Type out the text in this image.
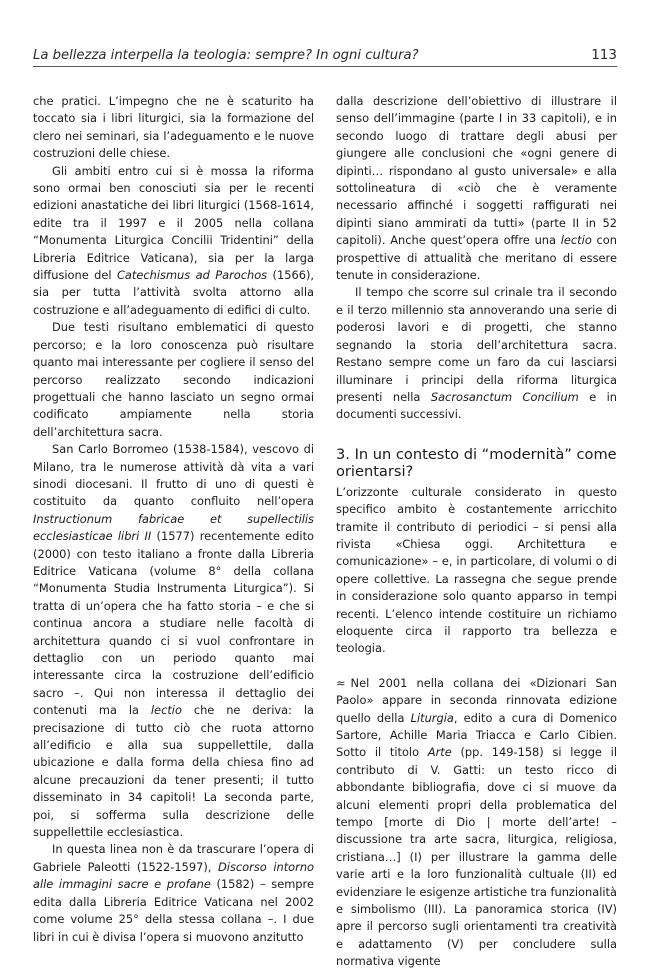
La bellezza interpella la teologia: sempre? In ogni cultura?	113

che pratici. L’impegno che ne è scaturito ha toccato sia i libri liturgici, sia la formazione del clero nei seminari, sia l’adeguamento e le nuove costruzioni delle chiese.

Gli ambiti entro cui si è mossa la riforma sono ormai ben conosciuti sia per le recenti edizioni anastatiche dei libri liturgici (1568-1614, edite tra il 1997 e il 2005 nella collana “Monumenta Liturgica Concilii Tridentini” della Libreria Editrice Vaticana), sia per la larga diffusione del Catechismus ad Parochos (1566), sia per tutta l’attività svolta attorno alla costruzione e all’adeguamento di edifici di culto.

Due testi risultano emblematici di questo percorso; e la loro conoscenza può risultare quanto mai interessante per cogliere il senso del percorso realizzato secondo indicazioni progettuali che hanno lasciato un segno ormai codificato ampiamente nella storia dell’architettura sacra.

San Carlo Borromeo (1538-1584), vescovo di Milano, tra le numerose attività dà vita a vari sinodi diocesani. Il frutto di uno di questi è costituito da quanto confluito nell’opera Instructionum fabricae et supellectilis ecclesiasticae libri II (1577) recentemente edito (2000) con testo italiano a fronte dalla Libreria Editrice Vaticana (volume 8° della collana “Monumenta Studia Instrumenta Liturgica”). Si tratta di un’opera che ha fatto storia – e che si continua ancora a studiare nelle facoltà di architettura quando ci si vuol confrontare in dettaglio con un periodo quanto mai interessante circa la costruzione dell’edificio sacro –. Qui non interessa il dettaglio dei contenuti ma la lectio che ne deriva: la precisazione di tutto ciò che ruota attorno all’edificio e alla sua suppellettile, dalla ubicazione e dalla forma della chiesa fino ad alcune precauzioni da tener presenti; il tutto disseminato in 34 capitoli! La seconda parte, poi, si sofferma sulla descrizione delle suppellettile ecclesiastica.

In questa linea non è da trascurare l’opera di Gabriele Paleotti (1522-1597), Discorso intorno alle immagini sacre e profane (1582) – sempre edita dalla Libreria Editrice Vaticana nel 2002 come volume 25° della stessa collana –. I due libri in cui è divisa l’opera si muovono anzitutto

dalla descrizione dell’obiettivo di illustrare il senso dell’immagine (parte I in 33 capitoli), e in secondo luogo di trattare degli abusi per giungere alle conclusioni che «ogni genere di dipinti… rispondano al gusto universale» e alla sottolineatura di «ciò che è veramente necessario affinché i soggetti raffigurati nei dipinti siano ammirati da tutti» (parte II in 52 capitoli). Anche quest’opera offre una lectio con prospettive di attualità che meritano di essere tenute in considerazione.

Il tempo che scorre sul crinale tra il secondo e il terzo millennio sta annoverando una serie di poderosi lavori e di progetti, che stanno segnando la storia dell’architettura sacra. Restano sempre come un faro da cui lasciarsi illuminare i principi della riforma liturgica presenti nella Sacrosanctum Concilium e in documenti successivi.

3. In un contesto di “modernità” come orientarsi?

L’orizzonte culturale considerato in questo specifico ambito è costantemente arricchito tramite il contributo di periodici – si pensi alla rivista «Chiesa oggi. Architettura e comunicazione» – e, in particolare, di volumi o di opere collettive. La rassegna che segue prende in considerazione solo quanto apparso in tempi recenti. L’elenco intende costituire un richiamo eloquente circa il rapporto tra bellezza e teologia.

≈ Nel 2001 nella collana dei «Dizionari San Paolo» appare in seconda rinnovata edizione quello della Liturgia, edito a cura di Domenico Sartore, Achille Maria Triacca e Carlo Cibien. Sotto il titolo Arte (pp. 149-158) si legge il contributo di V. Gatti: un testo ricco di abbondante bibliografia, dove ci si muove da alcuni elementi propri della problematica del tempo [morte di Dio | morte dell’arte! – discussione tra arte sacra, liturgica, religiosa, cristiana…] (I) per illustrare la gamma delle varie arti e la loro funzionalità cultuale (II) ed evidenziare le esigenze artistiche tra funzionalità e simbolismo (III). La panoramica storica (IV) apre il percorso sugli orientamenti tra creatività e adattamento (V) per concludere sulla normativa vigente
